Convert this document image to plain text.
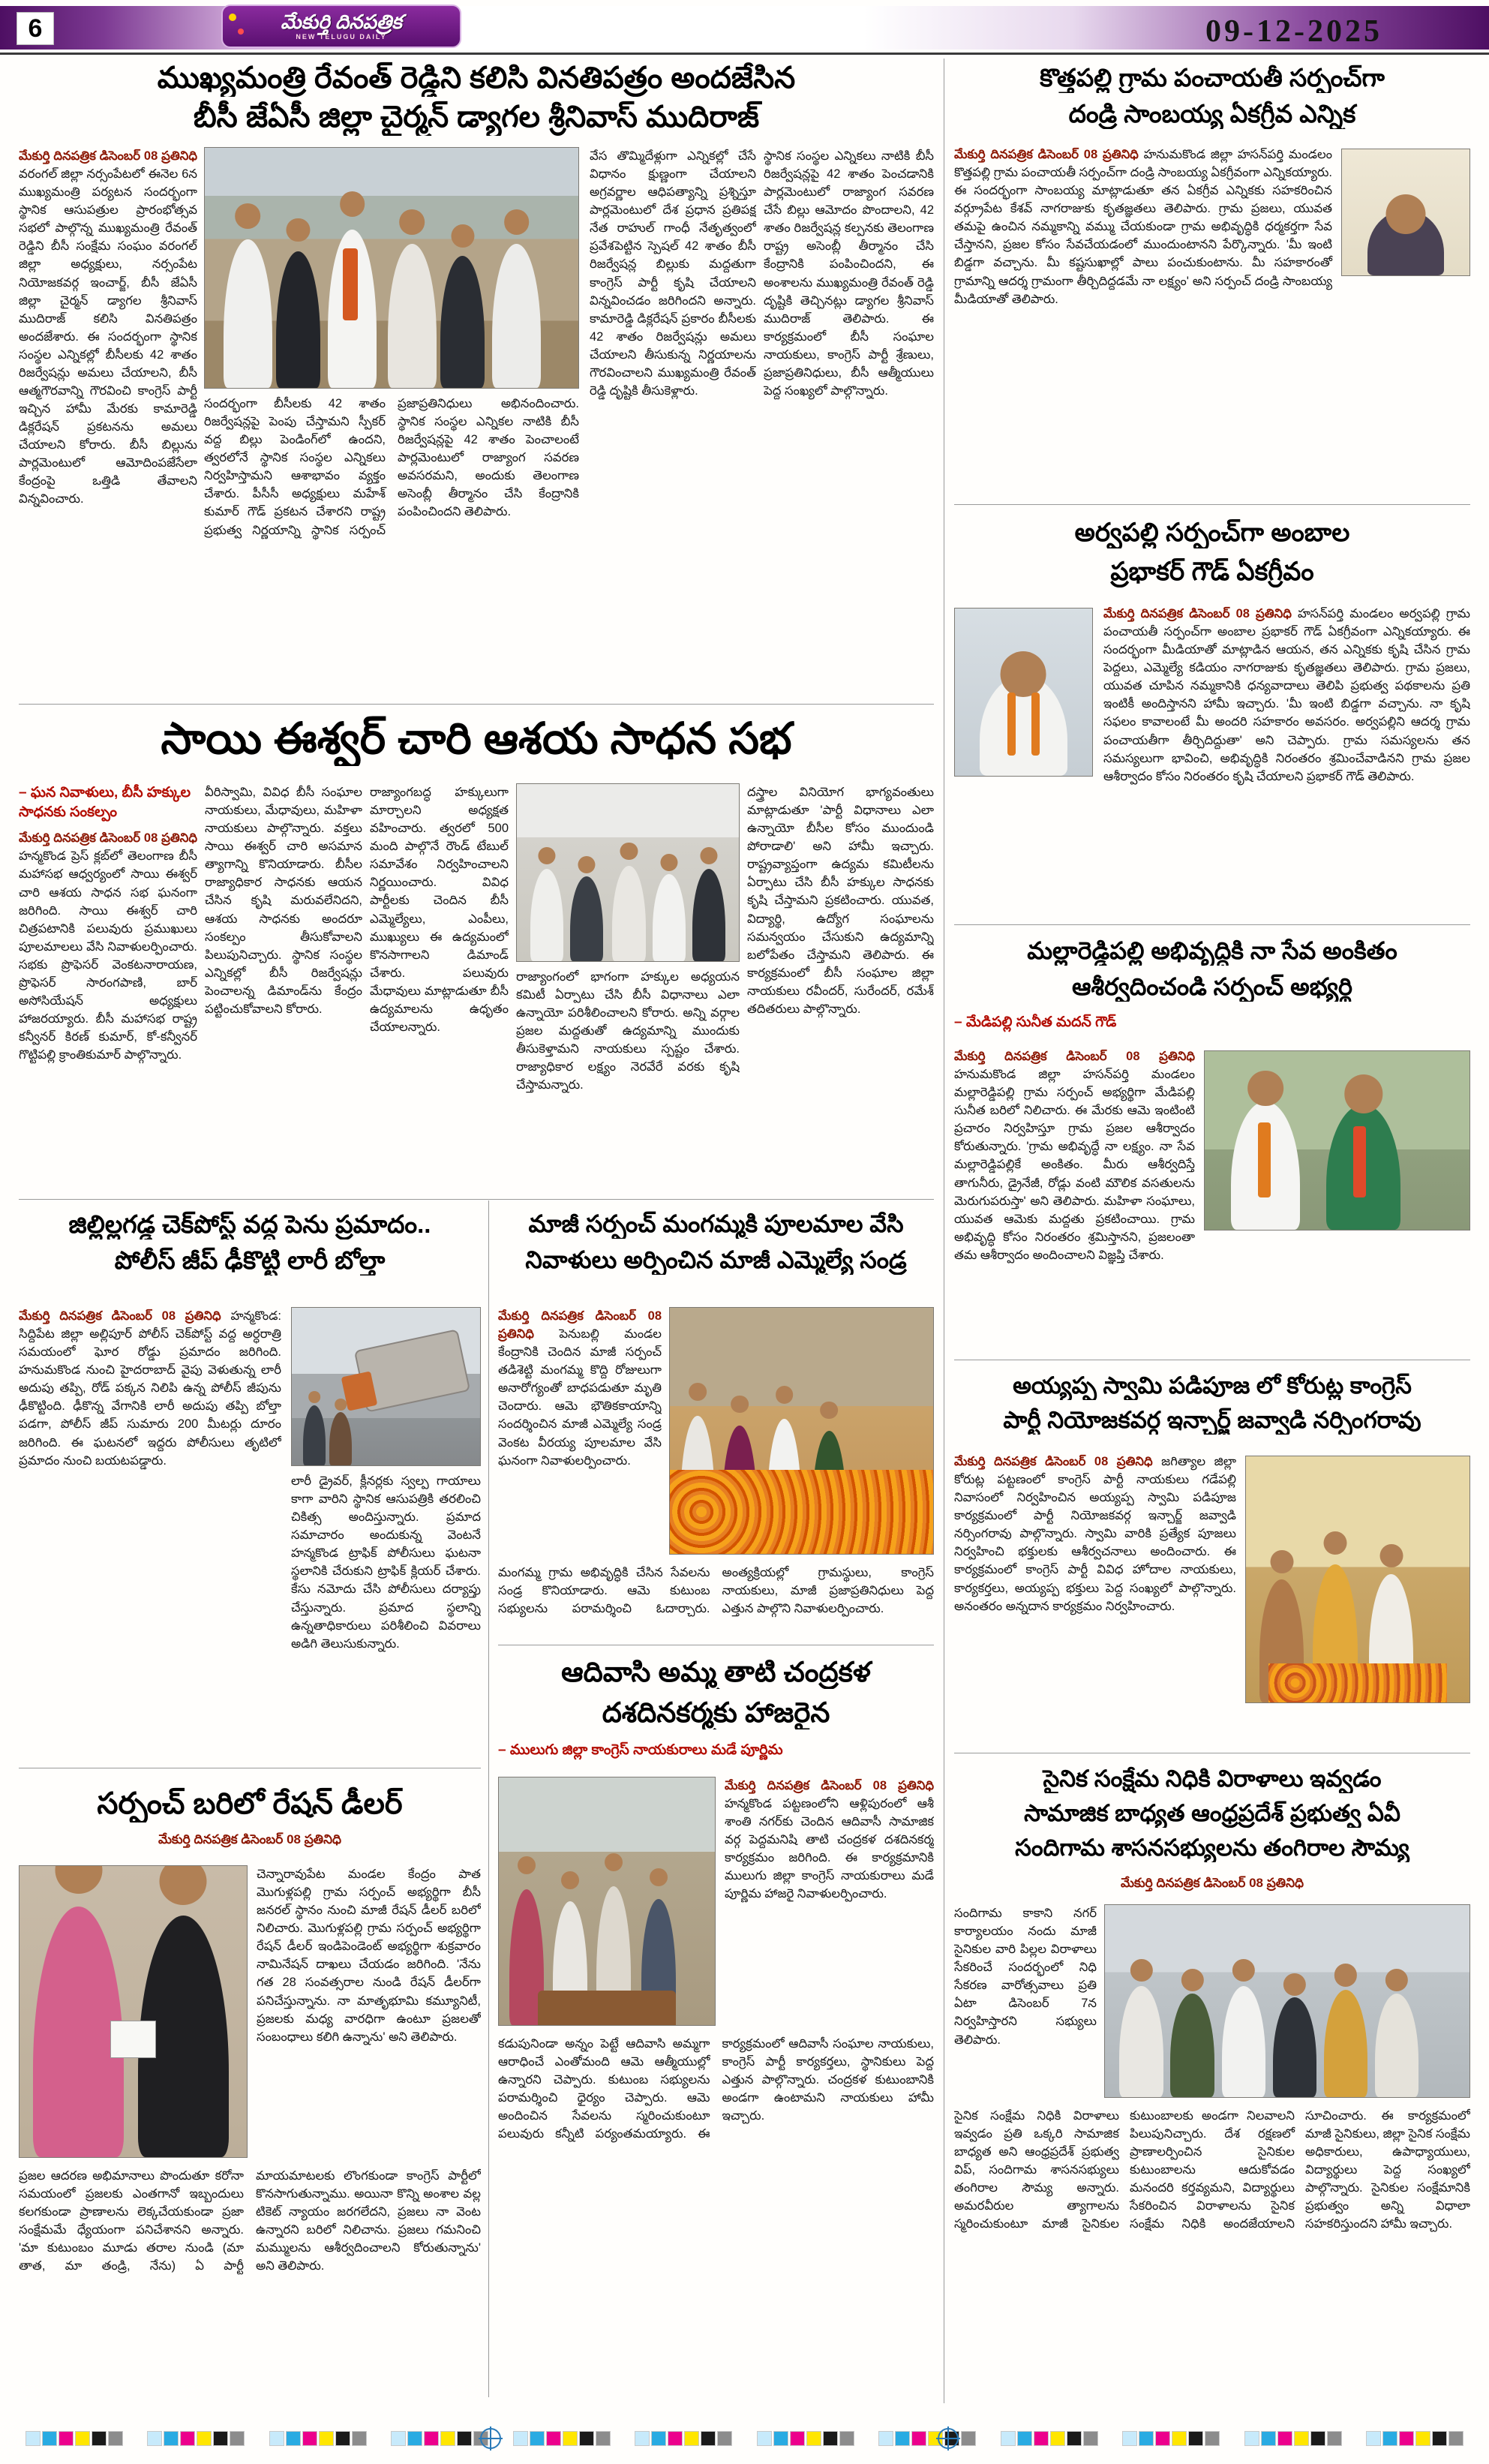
6	మేకుర్తి దినపత్రిక
NEW TELUGU DAILY	09-12-2025
ముఖ్యమంత్రి రేవంత్ రెడ్డిని కలిసి వినతిపత్రం అందజేసిన
బీసీ జేఏసీ జిల్లా చైర్మన్ డ్యాగల శ్రీనివాస్ ముదిరాజ్
మేకుర్తి దినపత్రిక డిసెంబర్ 08 ప్రతినిధి వరంగల్ జిల్లా నర్సంపేటలో ఈనెల 6న ముఖ్యమంత్రి పర్యటన సందర్భంగా స్థానిక ఆసుపత్రుల ప్రారంభోత్సవ సభలో పాల్గొన్న ముఖ్యమంత్రి రేవంత్ రెడ్డిని బీసీ సంక్షేమ సంఘం వరంగల్ జిల్లా అధ్యక్షులు, నర్సంపేట నియోజకవర్గ ఇంచార్జ్, బీసీ జేఏసీ జిల్లా చైర్మన్ డ్యాగల శ్రీనివాస్ ముదిరాజ్ కలిసి వినతిపత్రం అందజేశారు. ఈ సందర్భంగా స్థానిక సంస్థల ఎన్నికల్లో బీసీలకు 42 శాతం రిజర్వేషన్లు అమలు చేయాలని, బీసీ ఆత్మగౌరవాన్ని గౌరవించి కాంగ్రెస్ పార్టీ ఇచ్చిన హామీ మేరకు కామారెడ్డి డిక్లరేషన్ ప్రకటనను అమలు చేయాలని కోరారు. బీసీ బిల్లును పార్లమెంటులో ఆమోదింపజేసేలా కేంద్రంపై ఒత్తిడి తేవాలని విన్నవించారు.
సందర్భంగా బీసీలకు 42 శాతం రిజర్వేషన్లపై పెంపు చేస్తామని స్పీకర్ వద్ద బిల్లు పెండింగ్‌లో ఉందని, త్వరలోనే స్థానిక సంస్థల ఎన్నికలు నిర్వహిస్తామని ఆశాభావం వ్యక్తం చేశారు. పీసీసీ అధ్యక్షులు మహేశ్ కుమార్ గౌడ్ ప్రకటన చేశారని రాష్ట్ర ప్రభుత్వ నిర్ణయాన్ని స్థానిక సర్పంచ్ ప్రజాప్రతినిధులు అభినందించారు. స్థానిక సంస్థల ఎన్నికల నాటికి బీసీ రిజర్వేషన్లపై 42 శాతం పెంచాలంటే పార్లమెంటులో రాజ్యాంగ సవరణ అవసరమని, అందుకు తెలంగాణ అసెంబ్లీ తీర్మానం చేసి కేంద్రానికి పంపించిందని తెలిపారు.
వేస తొమ్మిదేళ్లుగా ఎన్నికల్లో చేసే విధానం క్షుణ్ణంగా చేయాలని అగ్రవర్ణాల ఆధిపత్యాన్ని ప్రశ్నిస్తూ పార్లమెంటులో దేశ ప్రధాన ప్రతిపక్ష నేత రాహుల్ గాంధీ నేతృత్వంలో ప్రవేశపెట్టిన స్పెషల్ 42 శాతం బీసీ రిజర్వేషన్ల బిల్లుకు మద్దతుగా కాంగ్రెస్ పార్టీ కృషి చేయాలని విన్నవించడం జరిగిందని అన్నారు. కామారెడ్డి డిక్లరేషన్ ప్రకారం బీసీలకు 42 శాతం రిజర్వేషన్లు అమలు చేయాలని తీసుకున్న నిర్ణయాలను గౌరవించాలని ముఖ్యమంత్రి రేవంత్ రెడ్డి దృష్టికి తీసుకెళ్లారు.
స్థానిక సంస్థల ఎన్నికలు నాటికి బీసీ రిజర్వేషన్లపై 42 శాతం పెంచడానికి పార్లమెంటులో రాజ్యాంగ సవరణ చేసే బిల్లు ఆమోదం పొందాలని, 42 శాతం రిజర్వేషన్ల కల్పనకు తెలంగాణ రాష్ట్ర అసెంబ్లీ తీర్మానం చేసి కేంద్రానికి పంపించిందని, ఈ అంశాలను ముఖ్యమంత్రి రేవంత్ రెడ్డి దృష్టికి తెచ్చినట్లు డ్యాగల శ్రీనివాస్ ముదిరాజ్ తెలిపారు. ఈ కార్యక్రమంలో బీసీ సంఘాల నాయకులు, కాంగ్రెస్ పార్టీ శ్రేణులు, ప్రజాప్రతినిధులు, బీసీ ఆత్మీయులు పెద్ద సంఖ్యలో పాల్గొన్నారు.
సాయి ఈశ్వర్ చారి ఆశయ సాధన సభ
– ఘన నివాళులు, బీసీ హక్కుల సాధనకు సంకల్పం
మేకుర్తి దినపత్రిక డిసెంబర్ 08 ప్రతినిధి హన్మకొండ ప్రెస్ క్లబ్‌లో తెలంగాణ బీసీ మహాసభ ఆధ్వర్యంలో సాయి ఈశ్వర్ చారి ఆశయ సాధన సభ ఘనంగా జరిగింది. సాయి ఈశ్వర్ చారి చిత్రపటానికి పలువురు ప్రముఖులు పూలమాలలు వేసి నివాళులర్పించారు. సభకు ప్రొఫెసర్ వెంకటనారాయణ, ప్రొఫెసర్ సారంగపాణి, బార్ అసోసియేషన్ అధ్యక్షులు హాజరయ్యారు. బీసీ మహాసభ రాష్ట్ర కన్వీనర్ కిరణ్ కుమార్, కో-కన్వీనర్ గొట్టిపల్లి క్రాంతికుమార్ పాల్గొన్నారు.
వీరిస్వామి, వివిధ బీసీ సంఘాల నాయకులు, మేధావులు, మహిళా నాయకులు పాల్గొన్నారు. వక్తలు సాయి ఈశ్వర్ చారి అసమాన త్యాగాన్ని కొనియాడారు. బీసీల రాజ్యాధికార సాధనకు ఆయన చేసిన కృషి మరువలేనిదని, ఆశయ సాధనకు అందరూ సంకల్పం తీసుకోవాలని పిలుపునిచ్చారు. స్థానిక సంస్థల ఎన్నికల్లో బీసీ రిజర్వేషన్లు పెంచాలన్న డిమాండ్‌ను కేంద్రం పట్టించుకోవాలని కోరారు.
రాజ్యాంగబద్ధ హక్కులుగా మార్చాలని అధ్యక్షత వహించారు. త్వరలో 500 మంది పాల్గొనే రౌండ్ టేబుల్ సమావేశం నిర్వహించాలని నిర్ణయించారు. వివిధ పార్టీలకు చెందిన బీసీ ఎమ్మెల్యేలు, ఎంపీలు, ముఖ్యులు ఈ ఉద్యమంలో కొనసాగాలని డిమాండ్ చేశారు. పలువురు మేధావులు మాట్లాడుతూ బీసీ ఉద్యమాలను ఉధృతం చేయాలన్నారు.
రాజ్యాంగంలో భాగంగా హక్కుల అధ్యయన కమిటీ ఏర్పాటు చేసి బీసీ విధానాలు ఎలా ఉన్నాయో పరిశీలించాలని కోరారు. అన్ని వర్గాల ప్రజల మద్దతుతో ఉద్యమాన్ని ముందుకు తీసుకెళ్తామని నాయకులు స్పష్టం చేశారు. రాజ్యాధికార లక్ష్యం నెరవేరే వరకు కృషి చేస్తామన్నారు.
దస్త్రాల వినియోగ భాగ్యవంతులు మాట్లాడుతూ 'పార్టీ విధానాలు ఎలా ఉన్నాయో బీసీల కోసం ముందుండి పోరాడాలి' అని హామీ ఇచ్చారు. రాష్ట్రవ్యాప్తంగా ఉద్యమ కమిటీలను ఏర్పాటు చేసి బీసీ హక్కుల సాధనకు కృషి చేస్తామని ప్రకటించారు. యువత, విద్యార్థి, ఉద్యోగ సంఘాలను సమన్వయం చేసుకుని ఉద్యమాన్ని బలోపేతం చేస్తామని తెలిపారు. ఈ కార్యక్రమంలో బీసీ సంఘాల జిల్లా నాయకులు రవీందర్, సురేందర్, రమేశ్ తదితరులు పాల్గొన్నారు.
జిల్లిల్లగడ్డ చెక్‌పోస్ట్ వద్ద పెను ప్రమాదం..
పోలీస్ జీప్ ఢీకొట్టి లారీ బోల్తా
మేకుర్తి దినపత్రిక డిసెంబర్ 08 ప్రతినిధి హన్మకొండ: సిద్దిపేట జిల్లా అల్లిపూర్ పోలీస్ చెక్‌పోస్ట్ వద్ద అర్ధరాత్రి సమయంలో ఘోర రోడ్డు ప్రమాదం జరిగింది. హనుమకొండ నుంచి హైదరాబాద్ వైపు వెళుతున్న లారీ అదుపు తప్పి, రోడ్ పక్కన నిలిపి ఉన్న పోలీస్ జీపును ఢీకొట్టింది. ఢీకొన్న వేగానికి లారీ అదుపు తప్పి బోల్తా పడగా, పోలీస్ జీప్ సుమారు 200 మీటర్లు దూరం జరిగింది. ఈ ఘటనలో ఇద్దరు పోలీసులు తృటిలో ప్రమాదం నుంచి బయటపడ్డారు.
లారీ డ్రైవర్, క్లీనర్లకు స్వల్ప గాయాలు కాగా వారిని స్థానిక ఆసుపత్రికి తరలించి చికిత్స అందిస్తున్నారు. ప్రమాద సమాచారం అందుకున్న వెంటనే హన్మకొండ ట్రాఫిక్ పోలీసులు ఘటనా స్థలానికి చేరుకుని ట్రాఫిక్ క్లియర్ చేశారు. కేసు నమోదు చేసి పోలీసులు దర్యాప్తు చేస్తున్నారు. ప్రమాద స్థలాన్ని ఉన్నతాధికారులు పరిశీలించి వివరాలు అడిగి తెలుసుకున్నారు.
మాజీ సర్పంచ్ మంగమ్మకి పూలమాల వేసి
నివాళులు అర్పించిన మాజీ ఎమ్మెల్యే సండ్ర
మేకుర్తి దినపత్రిక డిసెంబర్ 08 ప్రతినిధి పెనుబల్లి మండల కేంద్రానికి చెందిన మాజీ సర్పంచ్ తడిశెట్టి మంగమ్మ కొద్ది రోజులుగా అనారోగ్యంతో బాధపడుతూ మృతి చెందారు. ఆమె భౌతికకాయాన్ని సందర్శించిన మాజీ ఎమ్మెల్యే సండ్ర వెంకట వీరయ్య పూలమాల వేసి ఘనంగా నివాళులర్పించారు.
మంగమ్మ గ్రామ అభివృద్ధికి చేసిన సేవలను సండ్ర కొనియాడారు. ఆమె కుటుంబ సభ్యులను పరామర్శించి ఓదార్చారు. అంత్యక్రియల్లో గ్రామస్థులు, కాంగ్రెస్ నాయకులు, మాజీ ప్రజాప్రతినిధులు పెద్ద ఎత్తున పాల్గొని నివాళులర్పించారు.
ఆదివాసి అమ్మ తాటి చంద్రకళ
దశదినకర్మకు హాజరైన
– ములుగు జిల్లా కాంగ్రెస్ నాయకురాలు మడే పూర్ణిమ
మేకుర్తి దినపత్రిక డిసెంబర్ 08 ప్రతినిధి హన్మకొండ పట్టణంలోని ఆళ్లిపురంలో ఆశీ శాంతి నగర్‌కు చెందిన ఆదివాసీ సామాజిక వర్గ పెద్దమనిషి తాటి చంద్రకళ దశదినకర్మ కార్యక్రమం జరిగింది. ఈ కార్యక్రమానికి ములుగు జిల్లా కాంగ్రెస్ నాయకురాలు మడే పూర్ణిమ హాజరై నివాళులర్పించారు.
కడుపునిండా అన్నం పెట్టే ఆదివాసి అమ్మగా ఆరాధించే ఎంతోమంది ఆమె ఆత్మీయుల్లో ఉన్నారని చెప్పారు. కుటుంబ సభ్యులను పరామర్శించి ధైర్యం చెప్పారు. ఆమె అందించిన సేవలను స్మరించుకుంటూ పలువురు కన్నీటి పర్యంతమయ్యారు. ఈ కార్యక్రమంలో ఆదివాసీ సంఘాల నాయకులు, కాంగ్రెస్ పార్టీ కార్యకర్తలు, స్థానికులు పెద్ద ఎత్తున పాల్గొన్నారు. చంద్రకళ కుటుంబానికి అండగా ఉంటామని నాయకులు హామీ ఇచ్చారు.
సర్పంచ్ బరిలో రేషన్ డీలర్
మేకుర్తి దినపత్రిక డిసెంబర్ 08 ప్రతినిధి
చెన్నారావుపేట మండల కేంద్రం పాత మొగుళ్లపల్లి గ్రామ సర్పంచ్ అభ్యర్థిగా బీసీ జనరల్ స్థానం నుంచి మాజీ రేషన్ డీలర్ బరిలో నిలిచారు. మొగుళ్లపల్లి గ్రామ సర్పంచ్ అభ్యర్థిగా రేషన్ డీలర్ ఇండిపెండెంట్ అభ్యర్థిగా శుక్రవారం నామినేషన్ దాఖలు చేయడం జరిగింది. 'నేను గత 28 సంవత్సరాల నుండి రేషన్ డీలర్‌గా పనిచేస్తున్నాను. నా మాతృభూమి కమ్యూనిటీ, ప్రజలకు మధ్య వారధిగా ఉంటూ ప్రజలతో సంబంధాలు కలిగి ఉన్నాను' అని తెలిపారు.
ప్రజల ఆదరణ అభిమానాలు పొందుతూ కరోనా సమయంలో ప్రజలకు ఎంతగానో ఇబ్బందులు కలగకుండా ప్రాణాలను లెక్కచేయకుండా ప్రజా సంక్షేమమే ధ్యేయంగా పనిచేశానని అన్నారు. 'మా కుటుంబం మూడు తరాల నుండి (మా తాత, మా తండ్రి, నేను) ఏ పార్టీ మాయమాటలకు లొంగకుండా కాంగ్రెస్ పార్టీలో కొనసాగుతున్నాము. అయినా కొన్ని అంశాల వల్ల టికెట్ న్యాయం జరగలేదని, ప్రజలు నా వెంట ఉన్నారని బరిలో నిలిచాను. ప్రజలు గమనించి మమ్ములను ఆశీర్వదించాలని కోరుతున్నాను' అని తెలిపారు.
కొత్తపల్లి గ్రామ పంచాయతీ సర్పంచ్‌గా
దండ్రి సాంబయ్య ఏకగ్రీవ ఎన్నిక
మేకుర్తి దినపత్రిక డిసెంబర్ 08 ప్రతినిధి హనుమకొండ జిల్లా హసన్‌పర్తి మండలం కొత్తపల్లి గ్రామ పంచాయతీ సర్పంచ్‌గా దండ్రి సాంబయ్య ఏకగ్రీవంగా ఎన్నికయ్యారు. ఈ సందర్భంగా సాంబయ్య మాట్లాడుతూ తన ఏకగ్రీవ ఎన్నికకు సహకరించిన వర్గ్రూపేట కేశవ్ నాగరాజుకు కృతజ్ఞతలు తెలిపారు. గ్రామ ప్రజలు, యువత తమపై ఉంచిన నమ్మకాన్ని వమ్ము చేయకుండా గ్రామ అభివృద్ధికి ధర్మకర్తగా సేవ చేస్తానని, ప్రజల కోసం సేవచేయడంలో ముందుంటానని పేర్కొన్నారు. 'మీ ఇంటి బిడ్డగా వచ్చాను. మీ కష్టసుఖాల్లో పాలు పంచుకుంటాను. మీ సహకారంతో గ్రామాన్ని ఆదర్శ గ్రామంగా తీర్చిదిద్దడమే నా లక్ష్యం' అని సర్పంచ్ దండ్రి సాంబయ్య మీడియాతో తెలిపారు.
అర్వపల్లి సర్పంచ్‌గా అంబాల
ప్రభాకర్ గౌడ్ ఏకగ్రీవం
మేకుర్తి దినపత్రిక డిసెంబర్ 08 ప్రతినిధి హసన్‌పర్తి మండలం అర్వపల్లి గ్రామ పంచాయతీ సర్పంచ్‌గా అంబాల ప్రభాకర్ గౌడ్ ఏకగ్రీవంగా ఎన్నికయ్యారు. ఈ సందర్భంగా మీడియాతో మాట్లాడిన ఆయన, తన ఎన్నికకు కృషి చేసిన గ్రామ పెద్దలు, ఎమ్మెల్యే కడియం నాగరాజుకు కృతజ్ఞతలు తెలిపారు. గ్రామ ప్రజలు, యువత చూపిన నమ్మకానికి ధన్యవాదాలు తెలిపి ప్రభుత్వ పథకాలను ప్రతి ఇంటికీ అందిస్తానని హామీ ఇచ్చారు. 'మీ ఇంటి బిడ్డగా వచ్చాను. నా కృషి సఫలం కావాలంటే మీ అందరి సహకారం అవసరం. అర్వపల్లిని ఆదర్శ గ్రామ పంచాయతీగా తీర్చిదిద్దుతా' అని చెప్పారు. గ్రామ సమస్యలను తన సమస్యలుగా భావించి, అభివృద్ధికి నిరంతరం శ్రమించేవాడినని గ్రామ ప్రజల ఆశీర్వాదం కోసం నిరంతరం కృషి చేయాలని ప్రభాకర్ గౌడ్ తెలిపారు.
మల్లారెడ్డిపల్లి అభివృద్ధికి నా సేవ అంకితం
ఆశీర్వదించండి సర్పంచ్ అభ్యర్థి
– మేడిపల్లి సునీత మదన్ గౌడ్
మేకుర్తి దినపత్రిక డిసెంబర్ 08 ప్రతినిధి హనుమకొండ జిల్లా హసన్‌పర్తి మండలం మల్లారెడ్డిపల్లి గ్రామ సర్పంచ్ అభ్యర్థిగా మేడిపల్లి సునీత బరిలో నిలిచారు. ఈ మేరకు ఆమె ఇంటింటి ప్రచారం నిర్వహిస్తూ గ్రామ ప్రజల ఆశీర్వాదం కోరుతున్నారు. 'గ్రామ అభివృద్ధే నా లక్ష్యం. నా సేవ మల్లారెడ్డిపల్లికే అంకితం. మీరు ఆశీర్వదిస్తే తాగునీరు, డ్రైనేజీ, రోడ్లు వంటి మౌలిక వసతులను మెరుగుపరుస్తా' అని తెలిపారు. మహిళా సంఘాలు, యువత ఆమెకు మద్దతు ప్రకటించాయి. గ్రామ అభివృద్ధి కోసం నిరంతరం శ్రమిస్తానని, ప్రజలంతా తమ ఆశీర్వాదం అందించాలని విజ్ఞప్తి చేశారు.
అయ్యప్ప స్వామి పడిపూజ లో కోరుట్ల కాంగ్రెస్
పార్టీ నియోజకవర్గ ఇన్చార్జ్ జవ్వాడి నర్సింగరావు
మేకుర్తి దినపత్రిక డిసెంబర్ 08 ప్రతినిధి జగిత్యాల జిల్లా కోరుట్ల పట్టణంలో కాంగ్రెస్ పార్టీ నాయకులు గడేపల్లి నివాసంలో నిర్వహించిన అయ్యప్ప స్వామి పడిపూజ కార్యక్రమంలో పార్టీ నియోజకవర్గ ఇన్చార్జ్ జవ్వాడి నర్సింగరావు పాల్గొన్నారు. స్వామి వారికి ప్రత్యేక పూజలు నిర్వహించి భక్తులకు ఆశీర్వచనాలు అందించారు. ఈ కార్యక్రమంలో కాంగ్రెస్ పార్టీ వివిధ హోదాల నాయకులు, కార్యకర్తలు, అయ్యప్ప భక్తులు పెద్ద సంఖ్యలో పాల్గొన్నారు. అనంతరం అన్నదాన కార్యక్రమం నిర్వహించారు.
సైనిక సంక్షేమ నిధికి విరాళాలు ఇవ్వడం
సామాజిక బాధ్యత ఆంధ్రప్రదేశ్ ప్రభుత్వ ఏవీ
సందిగామ శాసనసభ్యులను తంగిరాల సౌమ్య
మేకుర్తి దినపత్రిక డిసెంబర్ 08 ప్రతినిధి
సందిగామ కాకాని నగర్ కార్యాలయం నందు మాజీ సైనికుల వారి పిల్లల విరాళాలు సేకరించే సందర్భంలో నిధి సేకరణ వారోత్సవాలు ప్రతి ఏటా డిసెంబర్ 7న నిర్వహిస్తారని సభ్యులు తెలిపారు.
సైనిక సంక్షేమ నిధికి విరాళాలు ఇవ్వడం ప్రతి ఒక్కరి సామాజిక బాధ్యత అని ఆంధ్రప్రదేశ్ ప్రభుత్వ విప్, సందిగామ శాసనసభ్యులు తంగిరాల సౌమ్య అన్నారు. అమరవీరుల త్యాగాలను స్మరించుకుంటూ మాజీ సైనికుల కుటుంబాలకు అండగా నిలవాలని పిలుపునిచ్చారు. దేశ రక్షణలో ప్రాణాలర్పించిన సైనికుల కుటుంబాలను ఆదుకోవడం మనందరి కర్తవ్యమని, విద్యార్థులు సేకరించిన విరాళాలను సైనిక సంక్షేమ నిధికి అందజేయాలని సూచించారు. ఈ కార్యక్రమంలో మాజీ సైనికులు, జిల్లా సైనిక సంక్షేమ అధికారులు, ఉపాధ్యాయులు, విద్యార్థులు పెద్ద సంఖ్యలో పాల్గొన్నారు. సైనికుల సంక్షేమానికి ప్రభుత్వం అన్ని విధాలా సహకరిస్తుందని హామీ ఇచ్చారు.
